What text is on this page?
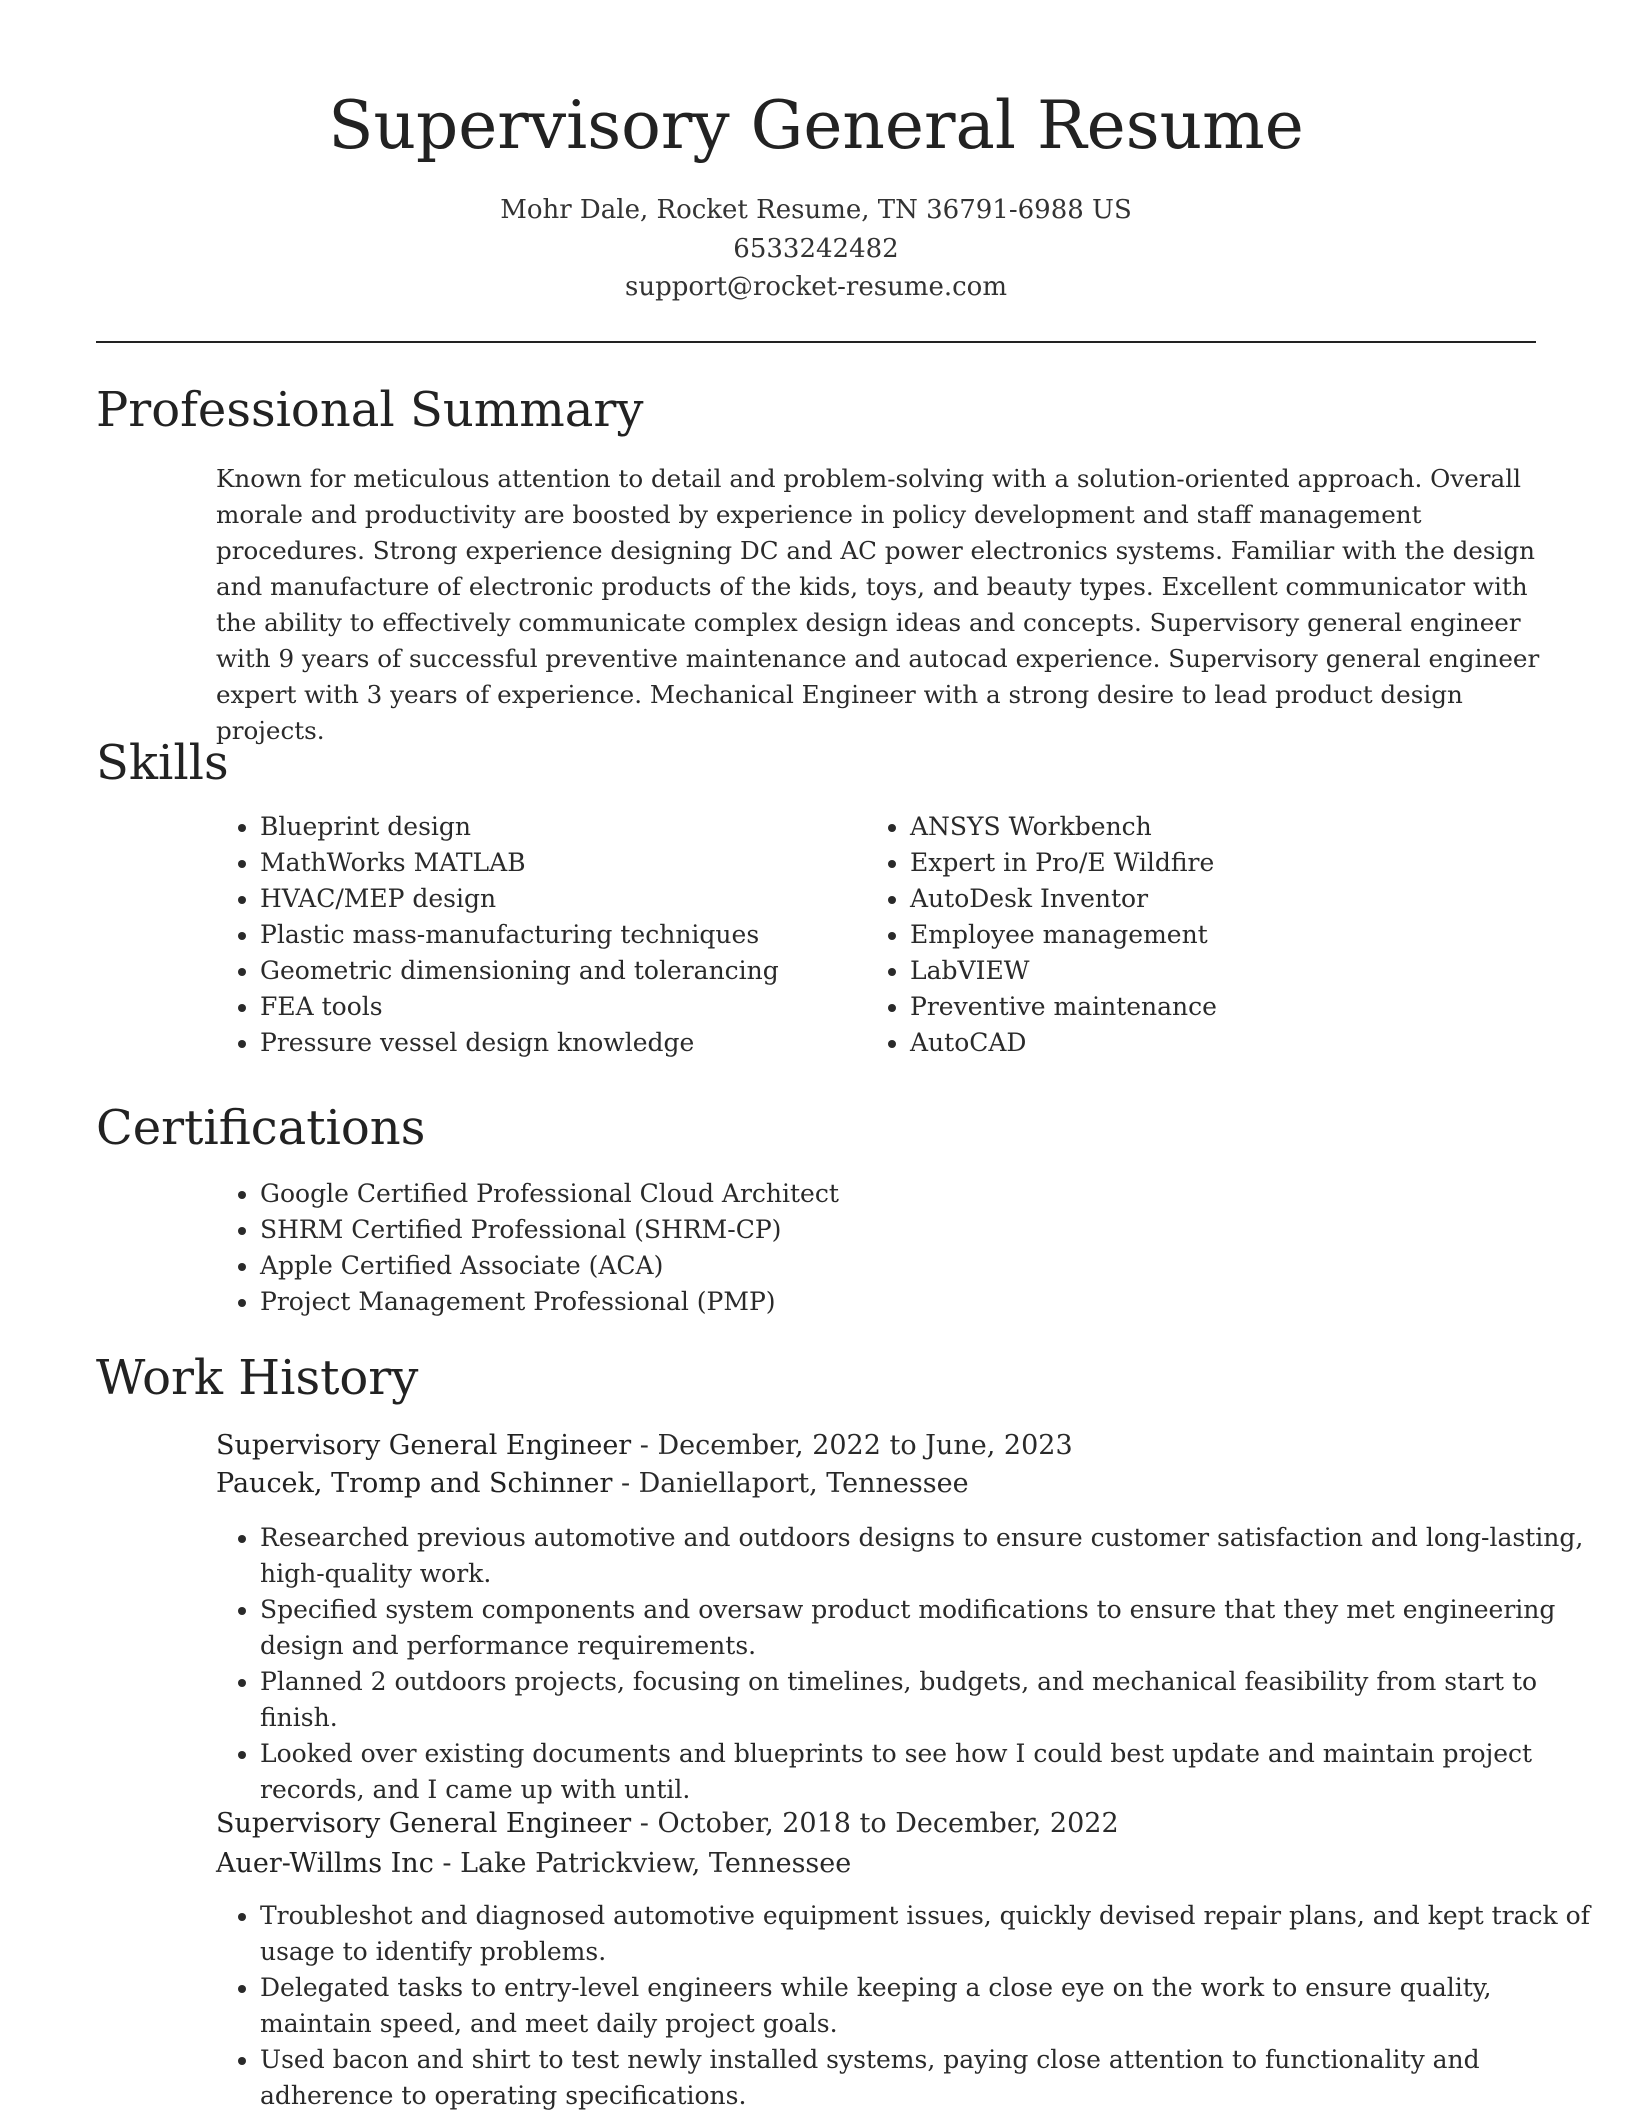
Supervisory General Resume
Mohr Dale, Rocket Resume, TN 36791-6988 US
6533242482
support@rocket-resume.com
Professional Summary
Known for meticulous attention to detail and problem-solving with a solution-oriented approach. Overall morale and productivity are boosted by experience in policy development and staff management procedures. Strong experience designing DC and AC power electronics systems. Familiar with the design and manufacture of electronic products of the kids, toys, and beauty types. Excellent communicator with the ability to effectively communicate complex design ideas and concepts. Supervisory general engineer with 9 years of successful preventive maintenance and autocad experience. Supervisory general engineer expert with 3 years of experience. Mechanical Engineer with a strong desire to lead product design projects.
Skills
• Blueprint design
• MathWorks MATLAB
• HVAC/MEP design
• Plastic mass-manufacturing techniques
• Geometric dimensioning and tolerancing
• FEA tools
• Pressure vessel design knowledge
• ANSYS Workbench
• Expert in Pro/E Wildfire
• AutoDesk Inventor
• Employee management
• LabVIEW
• Preventive maintenance
• AutoCAD
Certifications
• Google Certified Professional Cloud Architect
• SHRM Certified Professional (SHRM-CP)
• Apple Certified Associate (ACA)
• Project Management Professional (PMP)
Work History
Supervisory General Engineer - December, 2022 to June, 2023
Paucek, Tromp and Schinner - Daniellaport, Tennessee
• Researched previous automotive and outdoors designs to ensure customer satisfaction and long-lasting, high-quality work.
• Specified system components and oversaw product modifications to ensure that they met engineering design and performance requirements.
• Planned 2 outdoors projects, focusing on timelines, budgets, and mechanical feasibility from start to finish.
• Looked over existing documents and blueprints to see how I could best update and maintain project records, and I came up with until.
Supervisory General Engineer - October, 2018 to December, 2022
Auer-Willms Inc - Lake Patrickview, Tennessee
• Troubleshot and diagnosed automotive equipment issues, quickly devised repair plans, and kept track of usage to identify problems.
• Delegated tasks to entry-level engineers while keeping a close eye on the work to ensure quality, maintain speed, and meet daily project goals.
• Used bacon and shirt to test newly installed systems, paying close attention to functionality and adherence to operating specifications.
